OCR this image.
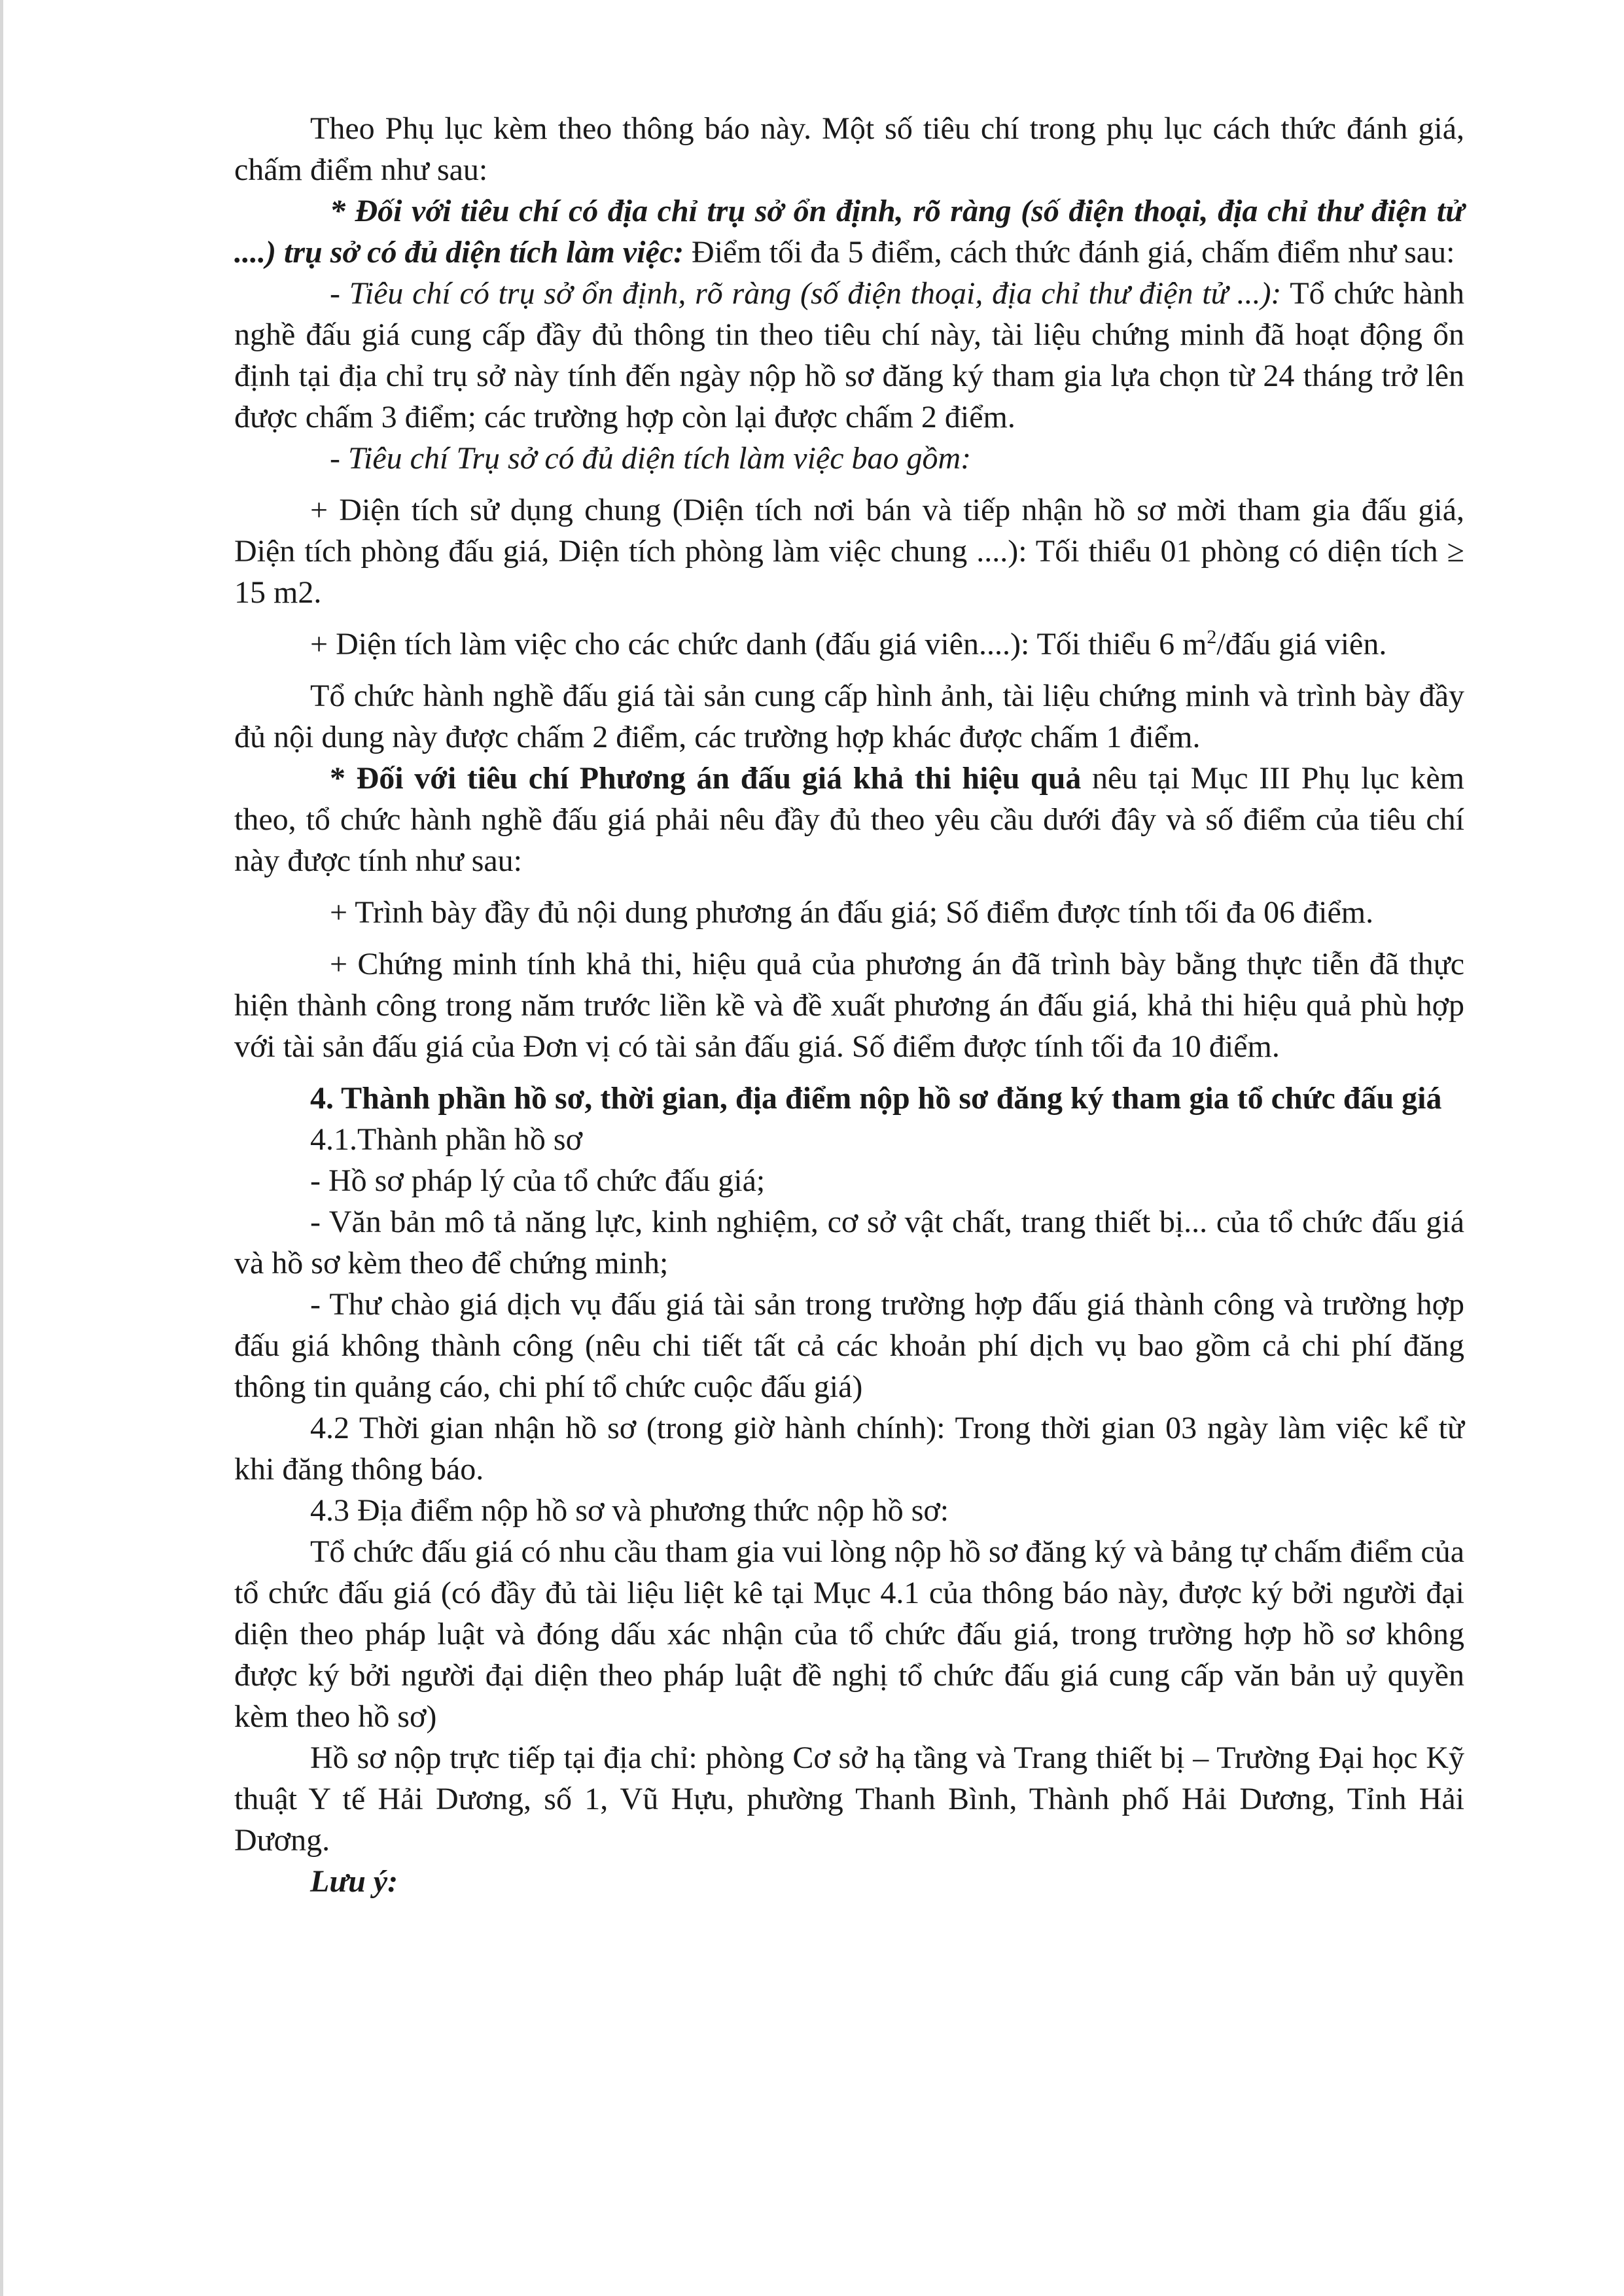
Theo Phụ lục kèm theo thông báo này. Một số tiêu chí trong phụ lục cách thức đánh giá, chấm điểm như sau:

* Đối với tiêu chí có địa chỉ trụ sở ổn định, rõ ràng (số điện thoại, địa chỉ thư điện tử ....) trụ sở có đủ diện tích làm việc: Điểm tối đa 5 điểm, cách thức đánh giá, chấm điểm như sau:

- Tiêu chí có trụ sở ổn định, rõ ràng (số điện thoại, địa chỉ thư điện tử ...): Tổ chức hành nghề đấu giá cung cấp đầy đủ thông tin theo tiêu chí này, tài liệu chứng minh đã hoạt động ổn định tại địa chỉ trụ sở này tính đến ngày nộp hồ sơ đăng ký tham gia lựa chọn từ 24 tháng trở lên được chấm 3 điểm; các trường hợp còn lại được chấm 2 điểm.

- Tiêu chí Trụ sở có đủ diện tích làm việc bao gồm:

+ Diện tích sử dụng chung (Diện tích nơi bán và tiếp nhận hồ sơ mời tham gia đấu giá, Diện tích phòng đấu giá, Diện tích phòng làm việc chung ....): Tối thiểu 01 phòng có diện tích ≥ 15 m2.

+ Diện tích làm việc cho các chức danh (đấu giá viên....): Tối thiểu 6 $m^2$/đấu giá viên.

Tổ chức hành nghề đấu giá tài sản cung cấp hình ảnh, tài liệu chứng minh và trình bày đầy đủ nội dung này được chấm 2 điểm, các trường hợp khác được chấm 1 điểm.

* Đối với tiêu chí Phương án đấu giá khả thi hiệu quả nêu tại Mục III Phụ lục kèm theo, tổ chức hành nghề đấu giá phải nêu đầy đủ theo yêu cầu dưới đây và số điểm của tiêu chí này được tính như sau:

+ Trình bày đầy đủ nội dung phương án đấu giá; Số điểm được tính tối đa 06 điểm.

+ Chứng minh tính khả thi, hiệu quả của phương án đã trình bày bằng thực tiễn đã thực hiện thành công trong năm trước liền kề và đề xuất phương án đấu giá, khả thi hiệu quả phù hợp với tài sản đấu giá của Đơn vị có tài sản đấu giá. Số điểm được tính tối đa 10 điểm.

4. Thành phần hồ sơ, thời gian, địa điểm nộp hồ sơ đăng ký tham gia tổ chức đấu giá

4.1.Thành phần hồ sơ

- Hồ sơ pháp lý của tổ chức đấu giá;

- Văn bản mô tả năng lực, kinh nghiệm, cơ sở vật chất, trang thiết bị... của tổ chức đấu giá và hồ sơ kèm theo để chứng minh;

- Thư chào giá dịch vụ đấu giá tài sản trong trường hợp đấu giá thành công và trường hợp đấu giá không thành công (nêu chi tiết tất cả các khoản phí dịch vụ bao gồm cả chi phí đăng thông tin quảng cáo, chi phí tổ chức cuộc đấu giá)

4.2 Thời gian nhận hồ sơ (trong giờ hành chính): Trong thời gian 03 ngày làm việc kể từ khi đăng thông báo.

4.3 Địa điểm nộp hồ sơ và phương thức nộp hồ sơ:

Tổ chức đấu giá có nhu cầu tham gia vui lòng nộp hồ sơ đăng ký và bảng tự chấm điểm của tổ chức đấu giá (có đầy đủ tài liệu liệt kê tại Mục 4.1 của thông báo này, được ký bởi người đại diện theo pháp luật và đóng dấu xác nhận của tổ chức đấu giá, trong trường hợp hồ sơ không được ký bởi người đại diện theo pháp luật đề nghị tổ chức đấu giá cung cấp văn bản uỷ quyền kèm theo hồ sơ)

Hồ sơ nộp trực tiếp tại địa chỉ: phòng Cơ sở hạ tầng và Trang thiết bị – Trường Đại học Kỹ thuật Y tế Hải Dương, số 1, Vũ Hựu, phường Thanh Bình, Thành phố Hải Dương, Tỉnh Hải Dương.

Lưu ý:
